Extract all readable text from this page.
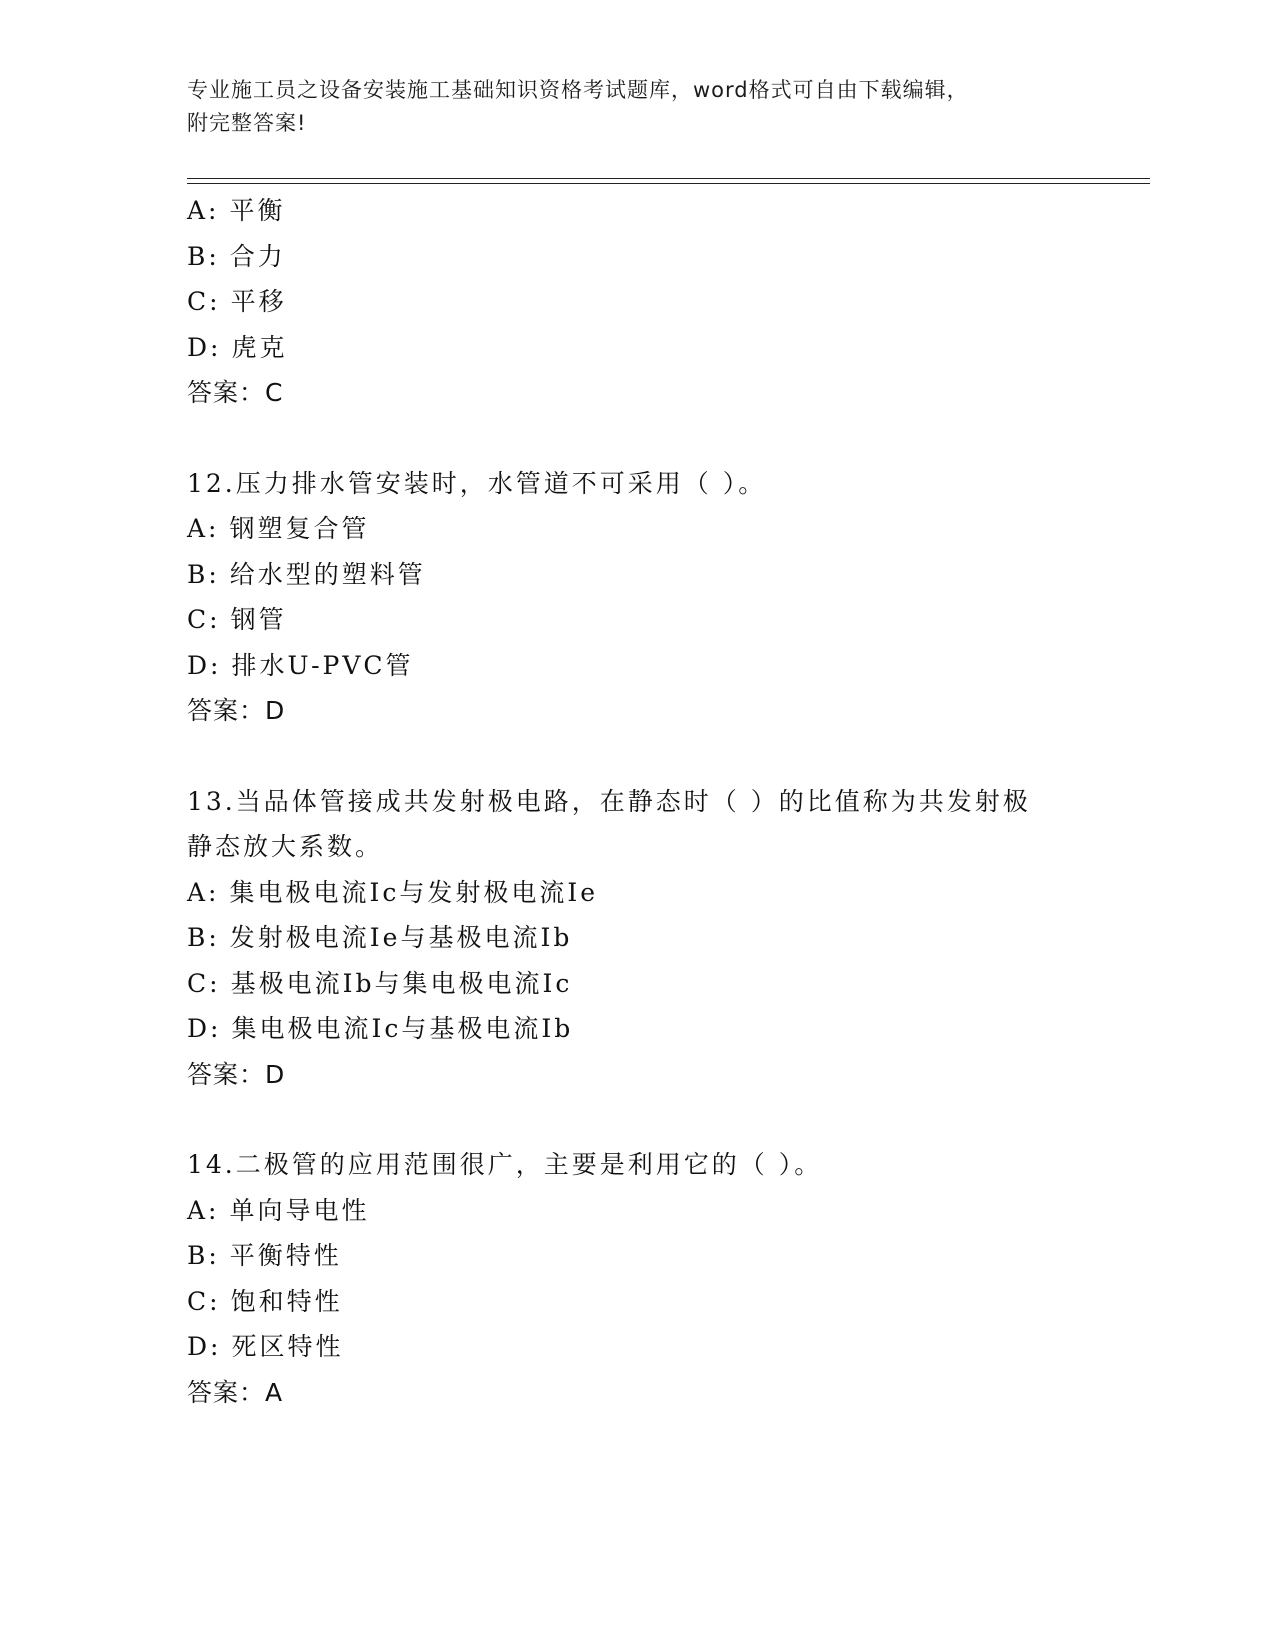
专业施工员之设备安装施工基础知识资格考试题库，word格式可自由下载编辑，
附完整答案!
A: 平衡
B: 合力
C: 平移
D: 虎克
答案：C
12.压力排水管安装时，水管道不可采用（ ）。
A: 钢塑复合管
B: 给水型的塑料管
C: 钢管
D: 排水U-PVC管
答案：D
13.当品体管接成共发射极电路，在静态时（ ）的比值称为共发射极
静态放大系数。
A: 集电极电流Ic与发射极电流Ie
B: 发射极电流Ie与基极电流Ib
C: 基极电流Ib与集电极电流Ic
D: 集电极电流Ic与基极电流Ib
答案：D
14.二极管的应用范围很广，主要是利用它的（ ）。
A: 单向导电性
B: 平衡特性
C: 饱和特性
D: 死区特性
答案：A
